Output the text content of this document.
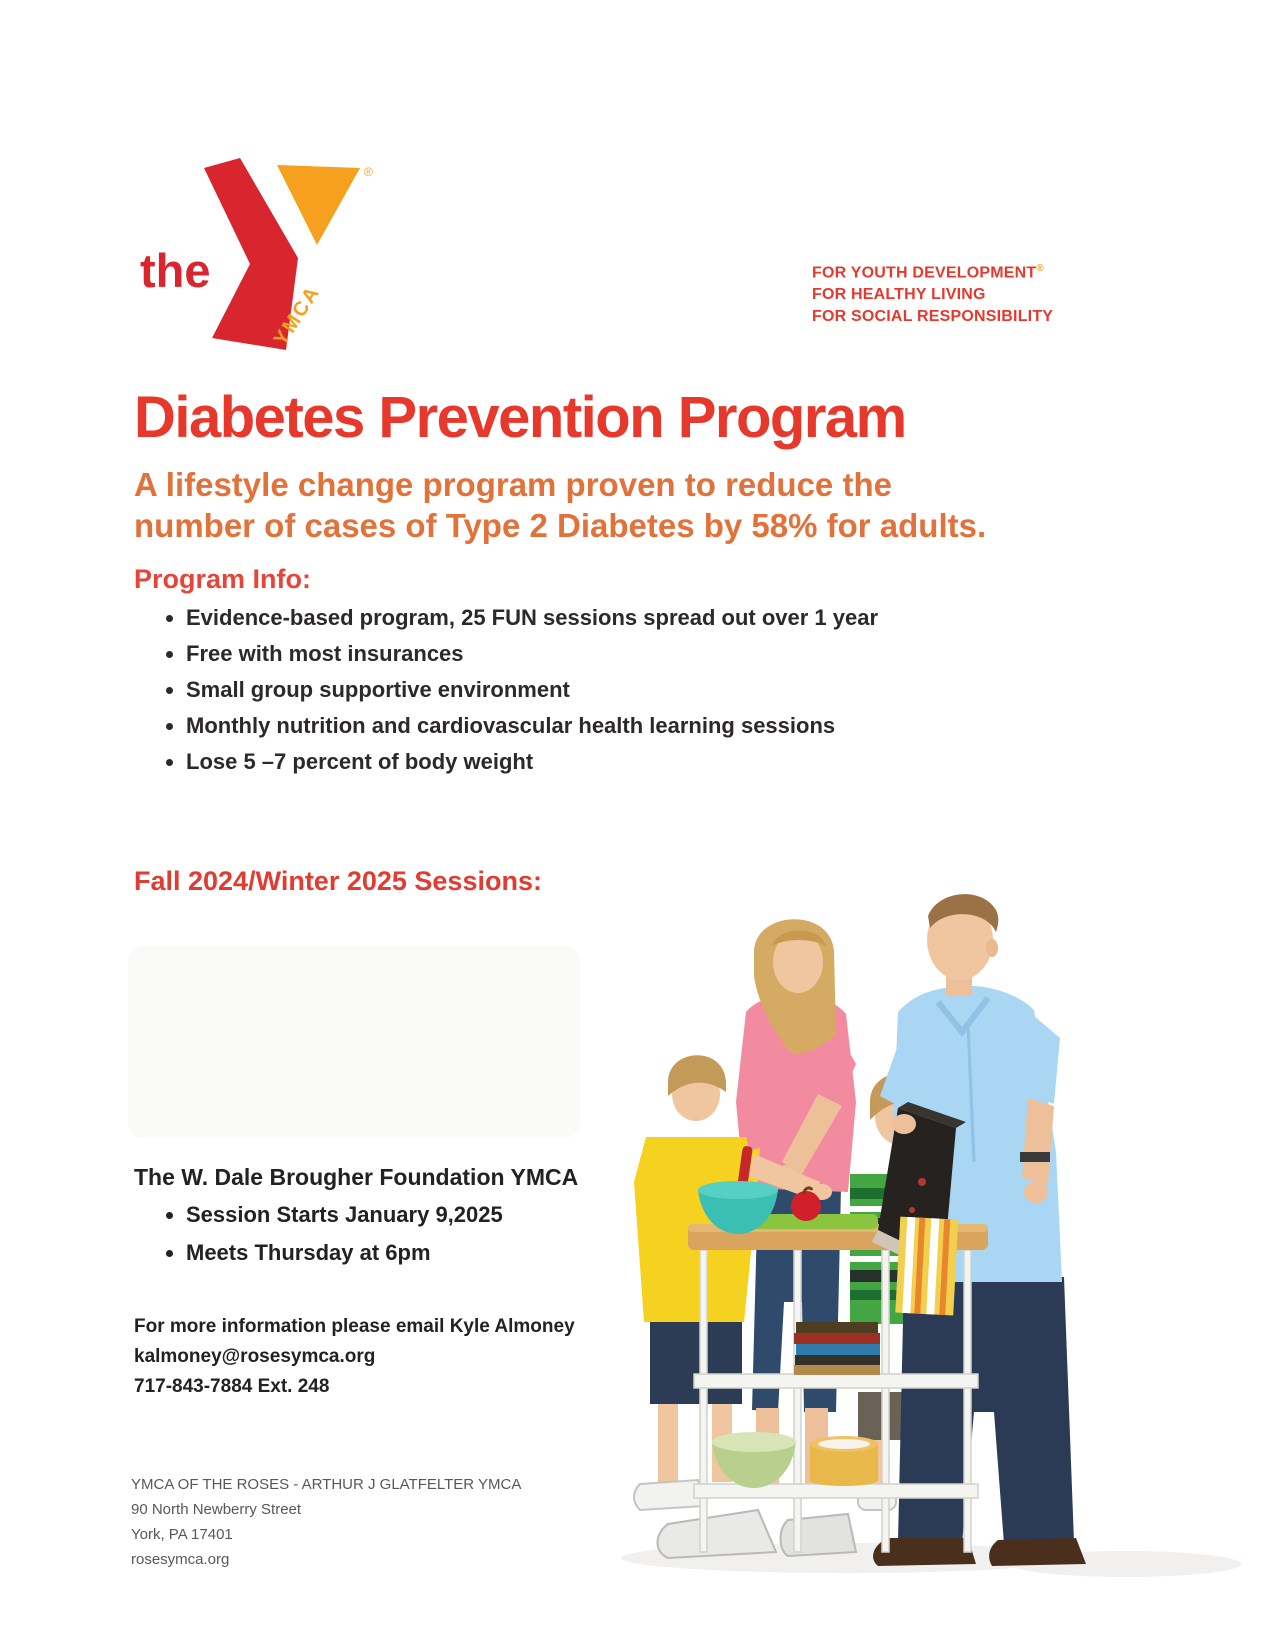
the
®
YMCA
FOR YOUTH DEVELOPMENT®
FOR HEALTHY LIVING
FOR SOCIAL RESPONSIBILITY
Diabetes Prevention Program
A lifestyle change program proven to reduce the
number of cases of Type 2 Diabetes by 58% for adults.
Program Info:
• Evidence-based program, 25 FUN sessions spread out over 1 year
• Free with most insurances
• Small group supportive environment
• Monthly nutrition and cardiovascular health learning sessions
• Lose 5 –7 percent of body weight
Fall 2024/Winter 2025 Sessions:
The W. Dale Brougher Foundation YMCA
• Session Starts January 9,2025
• Meets Thursday at 6pm
For more information please email Kyle Almoney
kalmoney@rosesymca.org
717-843-7884 Ext. 248
YMCA OF THE ROSES - ARTHUR J GLATFELTER YMCA
90 North Newberry Street
York, PA 17401
rosesymca.org
